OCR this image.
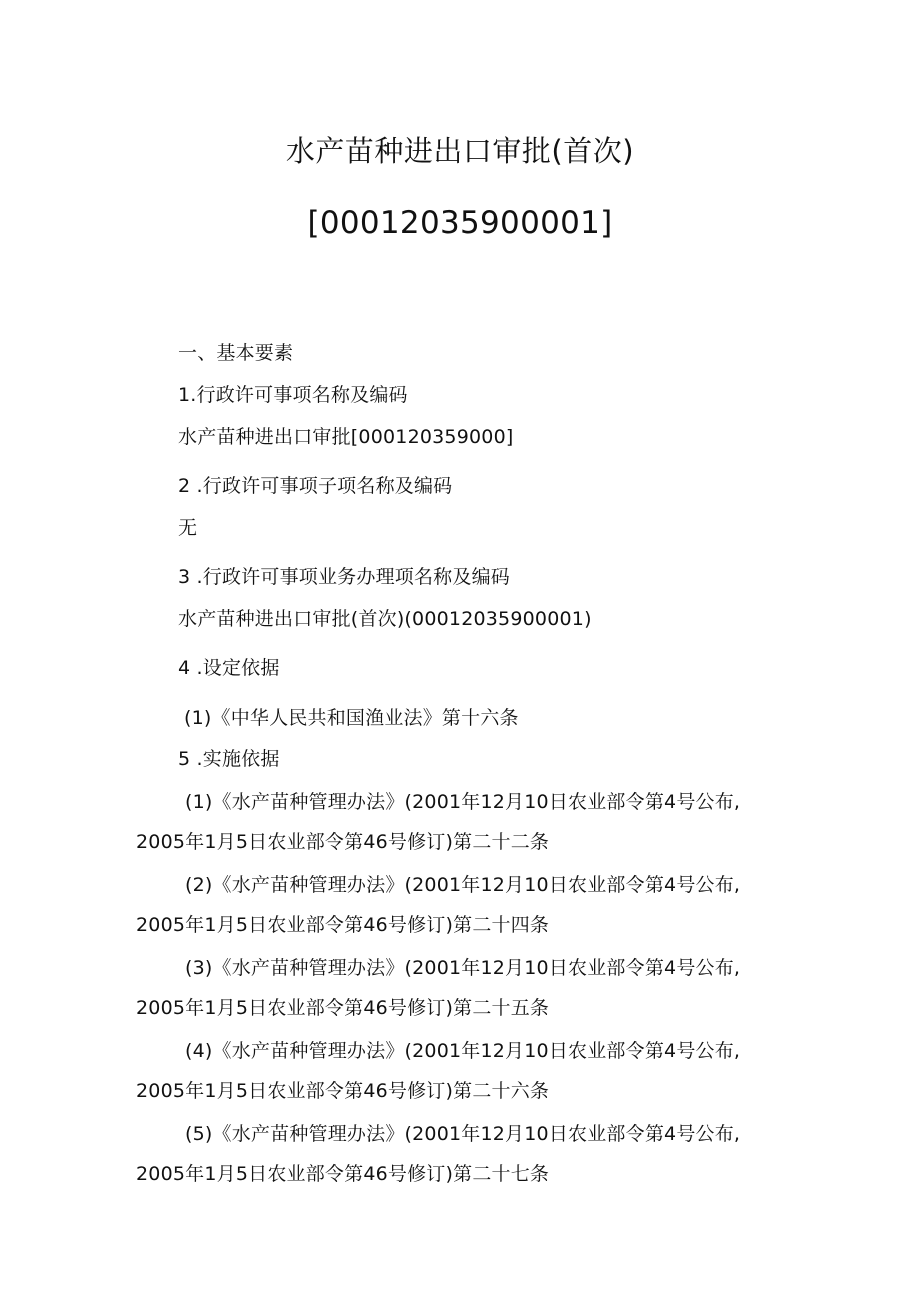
水产苗种进出口审批(首次)
[00012035900001]
一、基本要素
1.行政许可事项名称及编码
水产苗种进出口审批[000120359000]
2 .行政许可事项子项名称及编码
无
3 .行政许可事项业务办理项名称及编码
水产苗种进出口审批(首次)(00012035900001)
4 .设定依据
(1)《中华人民共和国渔业法》第十六条
5 .实施依据
(1)《水产苗种管理办法》(2001年12月10日农业部令第4号公布,
2005年1月5日农业部令第46号修订)第二十二条
(2)《水产苗种管理办法》(2001年12月10日农业部令第4号公布,
2005年1月5日农业部令第46号修订)第二十四条
(3)《水产苗种管理办法》(2001年12月10日农业部令第4号公布,
2005年1月5日农业部令第46号修订)第二十五条
(4)《水产苗种管理办法》(2001年12月10日农业部令第4号公布,
2005年1月5日农业部令第46号修订)第二十六条
(5)《水产苗种管理办法》(2001年12月10日农业部令第4号公布,
2005年1月5日农业部令第46号修订)第二十七条
